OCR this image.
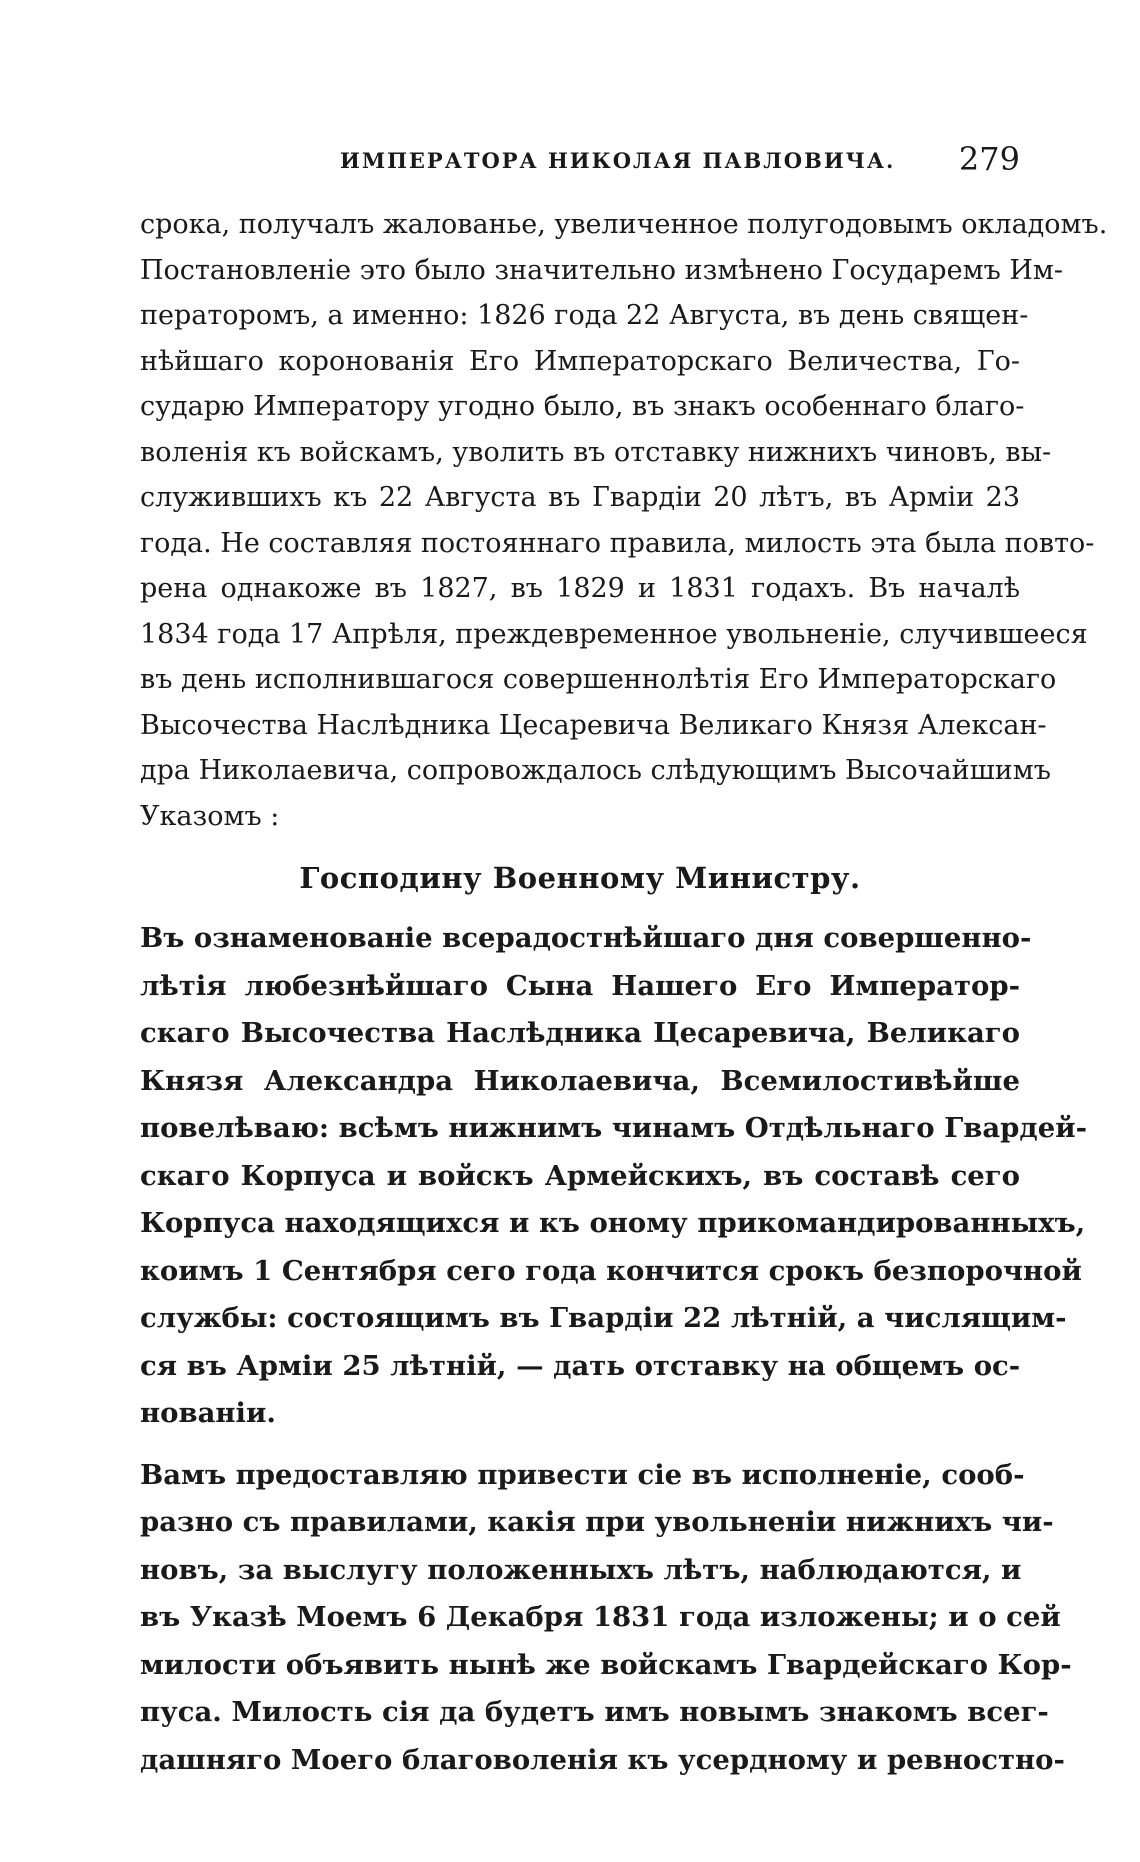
ИМПЕРАТОРА НИКОЛАЯ ПАВЛОВИЧА. 279
срока, получалъ жалованье, увеличенное полугодовымъ окладомъ.
Постановленіе это было значительно измѣнено Государемъ Им-
ператоромъ, а именно: 1826 года 22 Августа, въ день священ-
нѣйшаго коронованія Его Императорскаго Величества, Го-
сударю Императору угодно было, въ знакъ особеннаго благо-
воленія къ войскамъ, уволить въ отставку нижнихъ чиновъ, вы-
служившихъ къ 22 Августа въ Гвардіи 20 лѣтъ, въ Арміи 23
года. Не составляя постояннаго правила, милость эта была повто-
рена однакоже въ 1827, въ 1829 и 1831 годахъ. Въ началѣ
1834 года 17 Апрѣля, преждевременное увольненіе, случившееся
въ день исполнившагося совершеннолѣтія Его Императорскаго
Высочества Наслѣдника Цесаревича Великаго Князя Алексан-
дра Николаевича, сопровождалось слѣдующимъ Высочайшимъ
Указомъ :
Господину Военному Министру.
Въ ознаменованіе всерадостнѣйшаго дня совершенно-
лѣтія любезнѣйшаго Сына Нашего Его Император-
скаго Высочества Наслѣдника Цесаревича, Великаго
Князя Александра Николаевича, Всемилостивѣйше
повелѣваю: всѣмъ нижнимъ чинамъ Отдѣльнаго Гвардей-
скаго Корпуса и войскъ Армейскихъ, въ составѣ сего
Корпуса находящихся и къ оному прикомандированныхъ,
коимъ 1 Сентября сего года кончится срокъ безпорочной
службы: состоящимъ въ Гвардіи 22 лѣтній, а числящим-
ся въ Арміи 25 лѣтній, — дать отставку на общемъ ос-
нованіи.
Вамъ предоставляю привести сіе въ исполненіе, сооб-
разно съ правилами, какія при увольненіи нижнихъ чи-
новъ, за выслугу положенныхъ лѣтъ, наблюдаются, и
въ Указѣ Моемъ 6 Декабря 1831 года изложены; и о сей
милости объявить нынѣ же войскамъ Гвардейскаго Кор-
пуса. Милость сія да будетъ имъ новымъ знакомъ всег-
дашняго Моего благоволенія къ усердному и ревностно-
